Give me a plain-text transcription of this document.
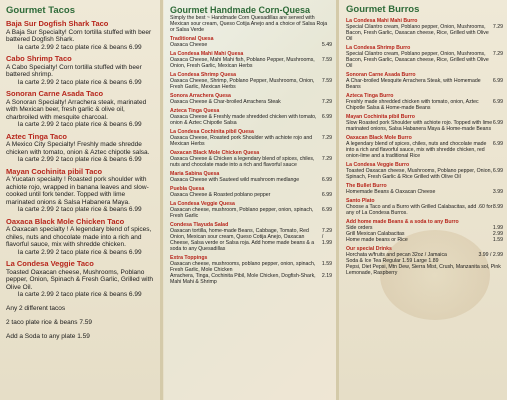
Gourmet Tacos
Baja Sur Dogfish Shark Taco
A Baja Sur Specialty! Corn tortilla stuffed with beer battered Dogfish Shark.
la carte 2.99 2 taco plate rice & beans 6.99
Cabo Shrimp Taco
A Cabo Specialty! Corn tortilla stuffed with beer battered shrimp.
la carte 2.99 2 taco plate rice & beans 6.99
Sonoran Carne Asada Taco
A Sonoran Specialty! Arrachera steak, marinated with Mexican beer, fresh garlic & olive oil, charbroiled with mesquite charcoal.
la carte 2.99 2 taco plate rice & beans 6.99
Aztec Tinga Taco
A Mexico City Specialty! Freshly made shredde chicken with tomato, onion & Aztec chipotle salsa.
la carte 2.99 2 taco plate rice & beans 6.99
Mayan Cochinita pibil Taco
A Yucatan specialty ! Roasted pork shoulder with achiote rojo, wrapped in banana leaves and slow-cooked until fork tender. Topped with lime marinated onions & Salsa Habanera Maya.
la carte 2.99 2 taco plate rice & beans 6.99
Oaxaca Black Mole Chicken Taco
A Oaxacan specialty ! A legendary blend of spices, chiles, nuts and chocolate made into a rich and flavorful sauce, mix with shredde chicken.
la carte 2.99 2 taco plate rice & beans 6.99
La Condesa Veggie Taco
Toasted Oaxacan cheese, Mushrooms, Poblano pepper, Onion, Spinach & Fresh Garlic, Grilled with Olive Oil.
la carte 2.99 2 taco plate rice & beans 6.99
Any 2 different tacos
2 taco plate rice & beans 7.59
Add a Soda to any plate 1.59
Gourmet Handmade Corn-Quesa
Simply the best ~ Handmade Corn Quesadillas are served with Mexican sour cream, Queso Cotija Anejo and a choice of Salsa Roja or Salsa Verde
Traditional Quesa
Oaxaca Cheese	5.49
La Condesa Mahi Mahi Quesa
Oaxaca Cheese, Mahi Mahi fish, Poblano Pepper, Mushrooms, Onion, Fresh Garlic, Mexican Herbs
7.59
La Condesa Shrimp Quesa
Oaxaca Cheese, Shrimp, Poblano Pepper, Mushrooms, Onion, Fresh Garlic, Mexican Herbs
7.59
Sonora Arrachera Quesa
Oaxaca Cheese & Char-broiled Arrachera Steak	7.29
Azteca Tinga Quesa
Oaxaca Cheese & Freshly made shredded chicken with tomato, onion & Aztec Chipotle Salsa
6.99
La Condesa Cochinita pibil Quesa
Oaxaca Cheese, Roasted pork Shoulder with achiote rojo and Mexican Herbs
7.29
Oaxacan Black Mole Chicken Quesa
Oaxaca Cheese & Chicken a legendary blend of spices, chiles, nuts and chocolate made into a rich and flavorful sauce
7.29
Maria Sabina Quesa
Oaxaca Cheese with Sauteed wild mushroom medlange	6.99
Puebla Quesa
Oaxaca Cheese & Roasted poblano pepper	6.99
La Condesa Veggie Quesa
Oaxacan cheese, mushroom, Poblano pepper, onion, spinach, Fresh Garlic
6.99
Condesa Tlayuda Salad
Oaxacan tortilla, home-made Beans, Cabbage, Tomato, Red Onion, Mexican sour cream, Queso Cotija Anejo, Oaxacan Cheese, Salsa verde or Salsa roja. Add home made beans & a soda to any Quesadillas
7.29 / 1.99
Extra Toppings
Oaxacan cheese, mushrooms, poblano pepper, onion, spinach, Fresh Garlic, Mole Chicken
1.59
Arrachera, Tinga, Cochinita Pibil, Mole Chicken, Dogfish-Shark, Mahi Mahi & Shrimp
2.19
Gourmet Burros
La Condesa Mahi Mahi Burro
Special Cilantro cream, Poblano pepper, Onion, Mushrooms, Bacon, Fresh Garlic, Oaxacan cheese, Rice, Grilled with Olive Oil
7.29
La Condesa Shrimp Burro
Special Cilantro cream, Poblano pepper, Onion, Mushrooms, Bacon, Fresh Garlic, Oaxacan cheese, Rice, Grilled with Olive Oil
7.29
Sonoran Carne Asada Burro
A Char-broiled Mesquite Arrachera Steak, with Homemade Beans
6.99
Azteca Tinga Burro
Freshly made shredded chicken with tomato, onion, Aztec Chipotle Salsa & Home-made Beans
6.99
Mayan Cochinita pibil Burro
Slow Roasted pork Shoulder with achiote rojo. Topped with lime marinated onions, Salsa Habanera Maya & Home-made Beans
6.99
Oaxacan Black Mole Burro
A legendary blend of spices, chiles, nuts and chocolate made into a rich and flavorful sauce, mix with shredde chicken, red onion-lime and a traditional Rice
6.99
La Condesa Veggie Burro
Toasted Oaxacan cheese, Mushrooms, Poblano pepper, Onion, Spinach, Fresh Garlic & Rice Grilled with Olive Oil
6.99
The Bullet Burro
Homemade Beans & Oaxacan Cheese	3.99
Santo Plato
Choose a Taco and a Burro with Grilled Calabacitas, add .60 for any of La Condesa Burros.
8.99
Add home made Beans & a soda to any Burro
Side orders	1.99
Grill Mexican Calabacitas	2.99
Home made beans or Rice	1.59
Our special Drinks
Horchata w/fruits and pecan 32oz / Jamaica	3.99 / 2.99
Soda & Ice Tea Regular 1.59 Large 1.89
Pepsi, Diet Pepsi, Mtn Dew, Sierra Mist, Crush, Manzanita sol, Pink Lemonade, Raspberry
